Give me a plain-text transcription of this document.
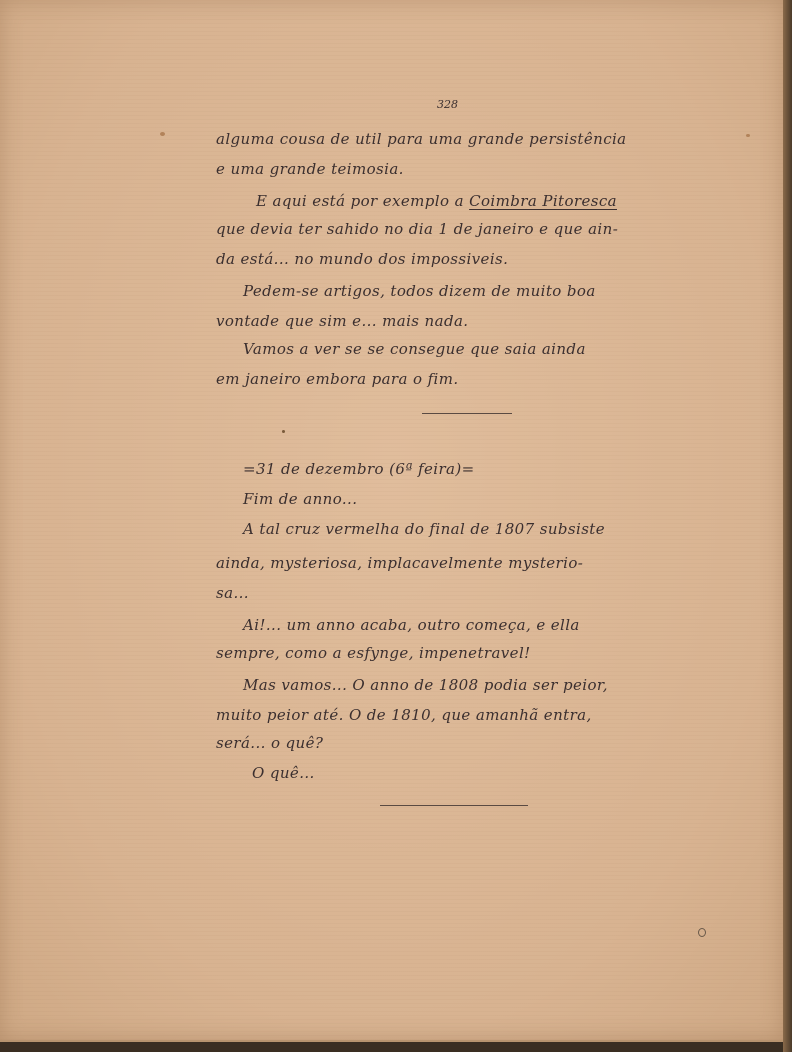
328
alguma cousa de util para uma grande persistência
e uma grande teimosia.
E aqui está por exemplo a Coimbra Pitoresca
que devia ter sahido no dia 1 de janeiro e que ain-
da está... no mundo dos impossiveis.
Pedem-se artigos, todos dizem de muito boa
vontade que sim e... mais nada.
Vamos a ver se se consegue que saia ainda
em janeiro embora para o fim.
=31 de dezembro (6ª feira)=
Fim de anno...
A tal cruz vermelha do final de 1807 subsiste
ainda, mysteriosa, implacavelmente mysterio-
sa...
Ai!... um anno acaba, outro começa, e ella
sempre, como a esfynge, impenetravel!
Mas vamos... O anno de 1808 podia ser peior,
muito peior até. O de 1810, que amanhã entra,
será... o quê?
O quê...
